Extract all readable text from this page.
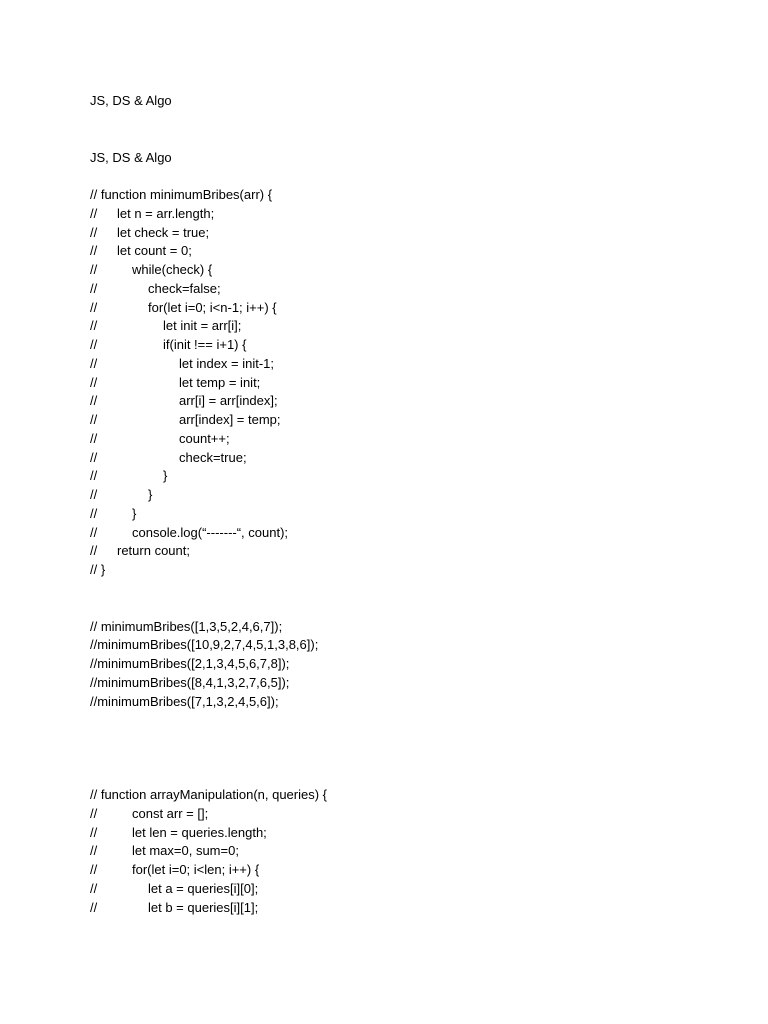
JS, DS & Algo

JS, DS & Algo

// function minimumBribes(arr) {

//

let n = arr.length;

//

let check = true;

//

let count = 0;

//

	while(check) {

//

	check=false;

//

	for(let i=0; i<n-1; i++) {

//

	let init = arr[i];

//

	if(init !== i+1) {

//

	let index = init-1;

//

	let temp = init;

//

	arr[i] = arr[index];

//

	arr[index] = temp;

//

	count++;

//

	check=true;

//

	}

//

	}

//

	}

//

	console.log(“-------“, count);

//

return count;

// }

// minimumBribes([1,3,5,2,4,6,7]);

//minimumBribes([10,9,2,7,4,5,1,3,8,6]);

//minimumBribes([2,1,3,4,5,6,7,8]);

//minimumBribes([8,4,1,3,2,7,6,5]);

//minimumBribes([7,1,3,2,4,5,6]);

// function arrayManipulation(n, queries) {

//

	const arr = [];

//

	let len = queries.length;

//

	let max=0, sum=0;

//

	for(let i=0; i<len; i++) {

//

	let a = queries[i][0];

//

	let b = queries[i][1];
